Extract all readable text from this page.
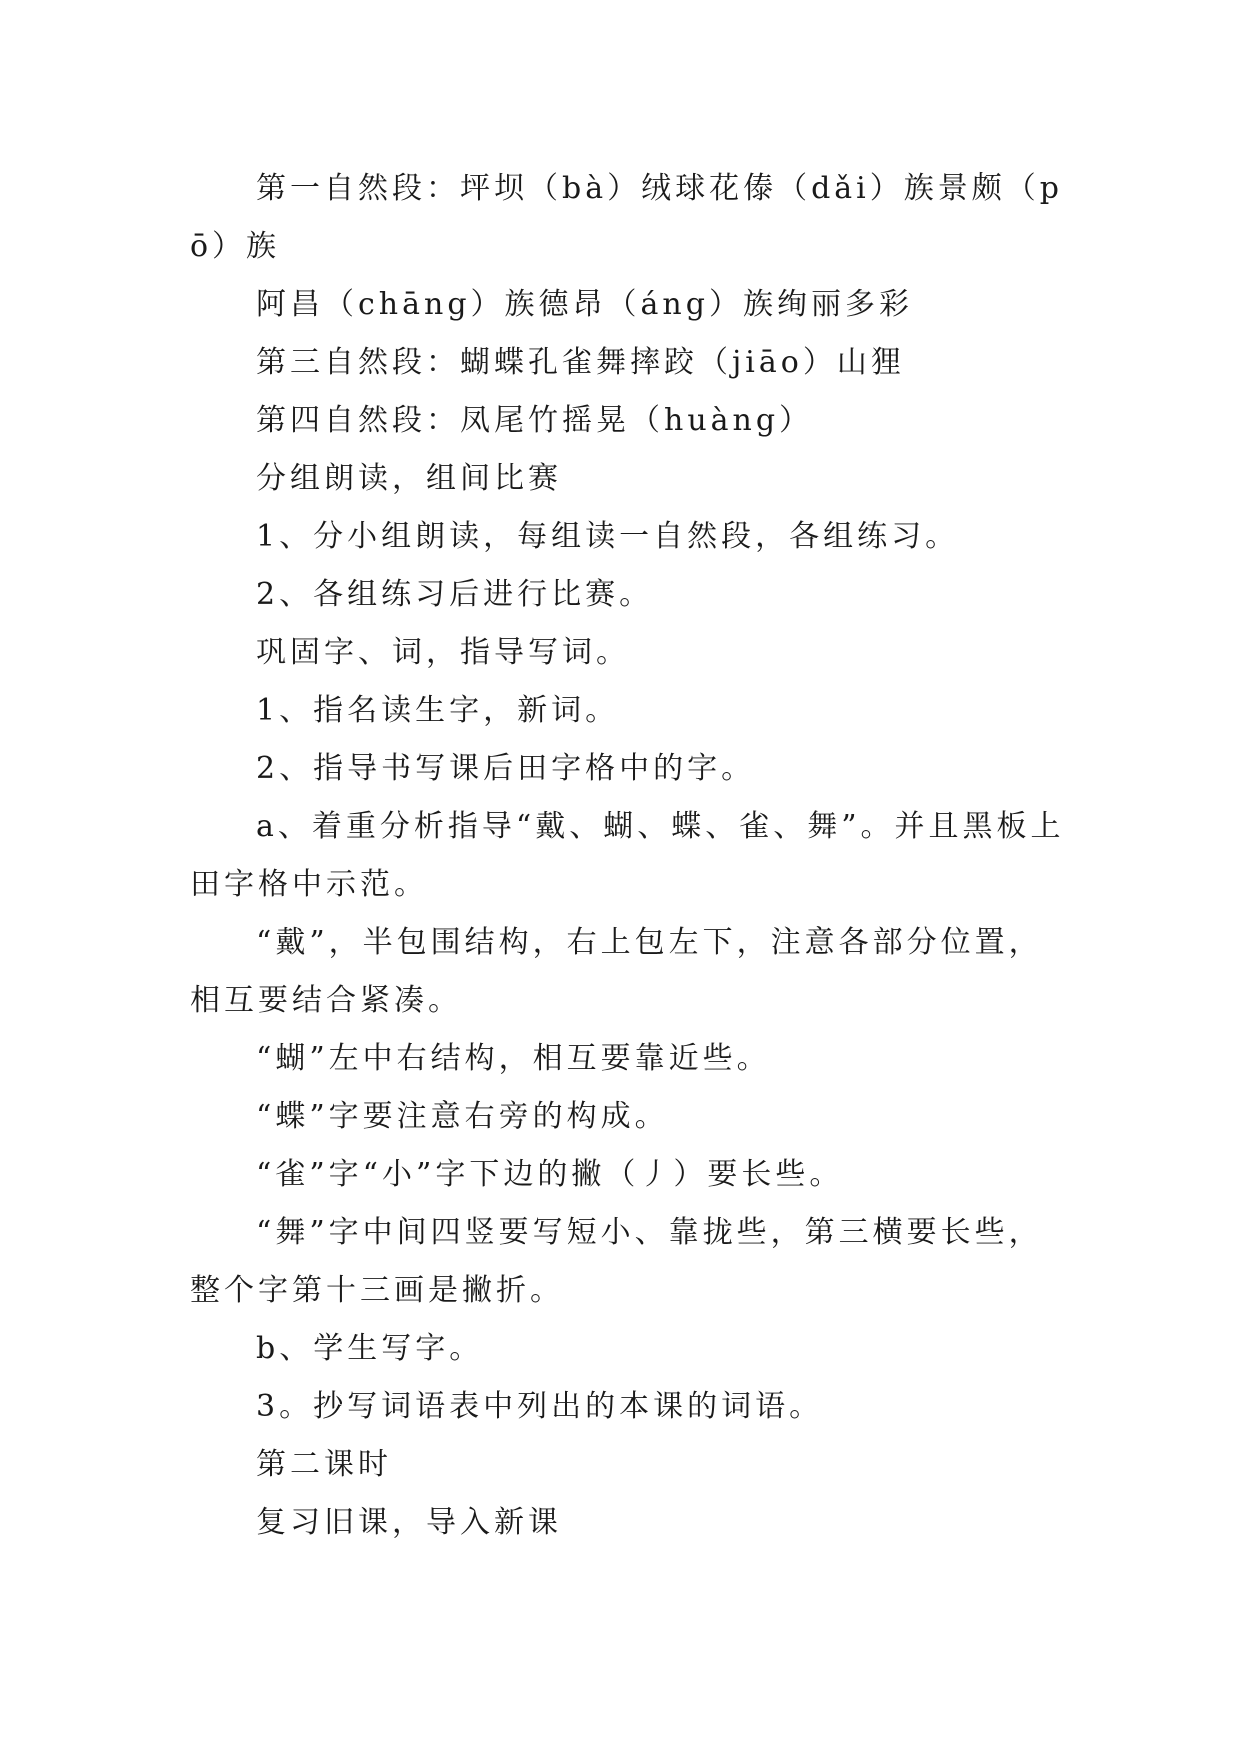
第一自然段：坪坝（bà）绒球花傣（dǎi）族景颇（pō）族

阿昌（chāng）族德昂（áng）族绚丽多彩

第三自然段：蝴蝶孔雀舞摔跤（jiāo）山狸

第四自然段：凤尾竹摇晃（huàng）

分组朗读，组间比赛

1、分小组朗读，每组读一自然段，各组练习。

2、各组练习后进行比赛。

巩固字、词，指导写词。

1、指名读生字，新词。

2、指导书写课后田字格中的字。

a、着重分析指导“戴、蝴、蝶、雀、舞”。并且黑板上田字格中示范。

“戴”，半包围结构，右上包左下，注意各部分位置，相互要结合紧凑。

“蝴”左中右结构，相互要靠近些。

“蝶”字要注意右旁的构成。

“雀”字“小”字下边的撇（丿）要长些。

“舞”字中间四竖要写短小、靠拢些，第三横要长些，整个字第十三画是撇折。

b、学生写字。

3。抄写词语表中列出的本课的词语。

第二课时

复习旧课，导入新课
